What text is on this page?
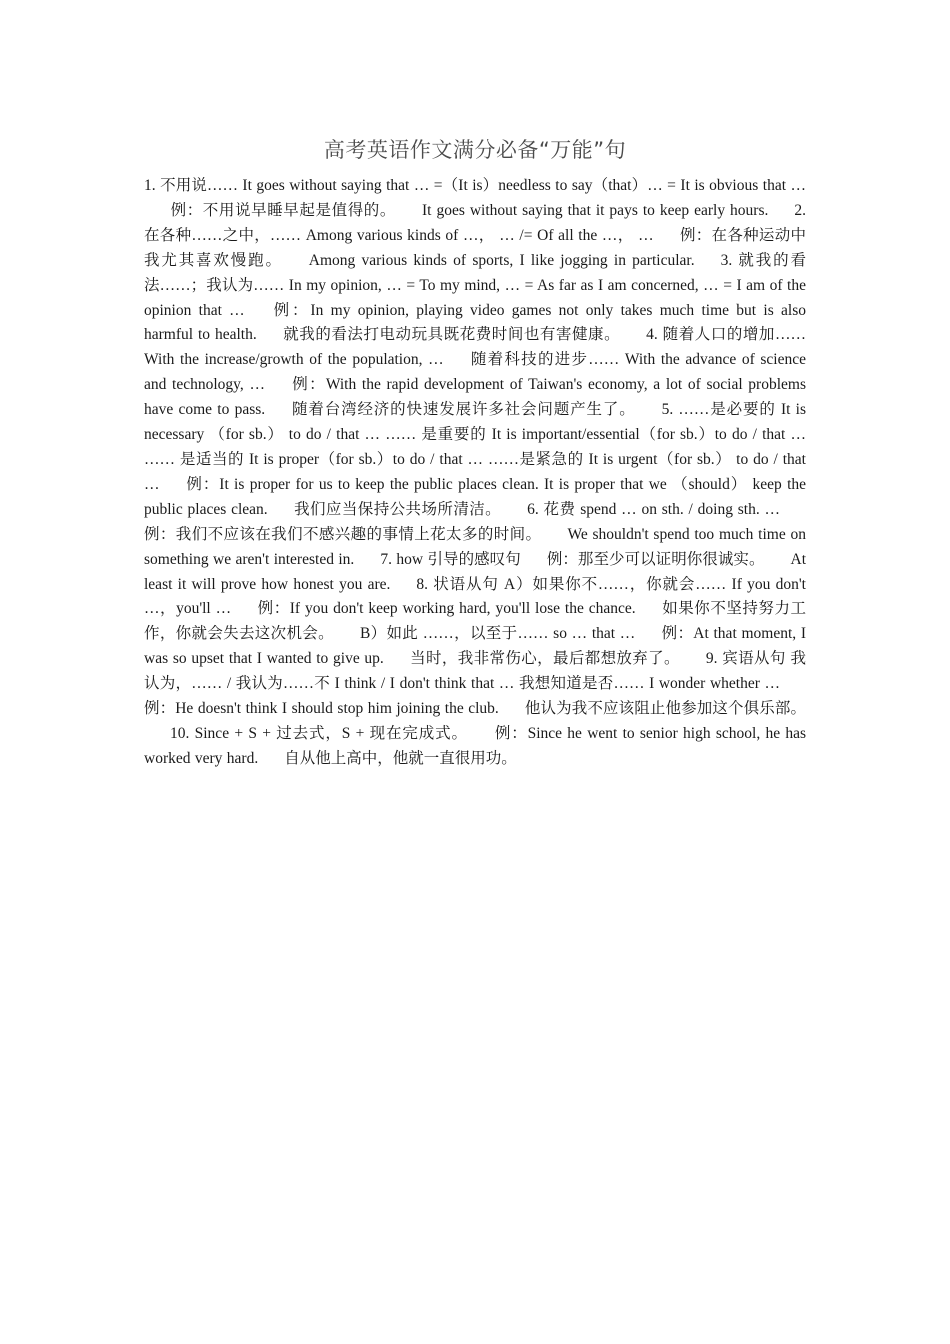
高考英语作文满分必备“万能”句
1. 不用说…… It goes without saying that … =（It is）needless to say（that）… = It is obvious that …例：不用说早睡早起是值得的。 It goes without saying that it pays to keep early hours. 2. 在各种……之中，…… Among various kinds of …， … /= Of all the …， … 例：在各种运动中我尤其喜欢慢跑。 Among various kinds of sports, I like jogging in particular. 3. 就我的看法……；我认为…… In my opinion, … = To my mind, … = As far as I am concerned, … = I am of the opinion that … 例：In my opinion, playing video games not only takes much time but is also harmful to health. 就我的看法打电动玩具既花费时间也有害健康。 4. 随着人口的增加…… With the increase/growth of the population, … 随着科技的进步…… With the advance of science and technology, … 例：With the rapid development of Taiwan's economy, a lot of social problems have come to pass. 随着台湾经济的快速发展许多社会问题产生了。 5. ……是必要的 It is necessary （for sb.） to do / that … …… 是重要的 It is important/essential（for sb.）to do / that … …… 是适当的 It is proper（for sb.）to do / that … ……是紧急的 It is urgent（for sb.） to do / that … 例：It is proper for us to keep the public places clean. It is proper that we （should） keep the public places clean. 我们应当保持公共场所清洁。 6. 花费 spend … on sth. / doing sth. …例：我们不应该在我们不感兴趣的事情上花太多的时间。 We shouldn't spend too much time on something we aren't interested in. 7. how 引导的感叹句 例：那至少可以证明你很诚实。 At least it will prove how honest you are. 8. 状语从句 A）如果你不……，你就会…… If you don't …，you'll … 例：If you don't keep working hard, you'll lose the chance. 如果你不坚持努力工作，你就会失去这次机会。 B）如此 ……，以至于…… so … that … 例：At that moment, I was so upset that I wanted to give up. 当时，我非常伤心，最后都想放弃了。 9. 宾语从句 我认为，…… / 我认为……不 I think / I don't think that … 我想知道是否…… I wonder whether …例：He doesn't think I should stop him joining the club. 他认为我不应该阻止他参加这个俱乐部。10. Since + S + 过去式，S + 现在完成式。 例：Since he went to senior high school, he has worked very hard. 自从他上高中，他就一直很用功。
